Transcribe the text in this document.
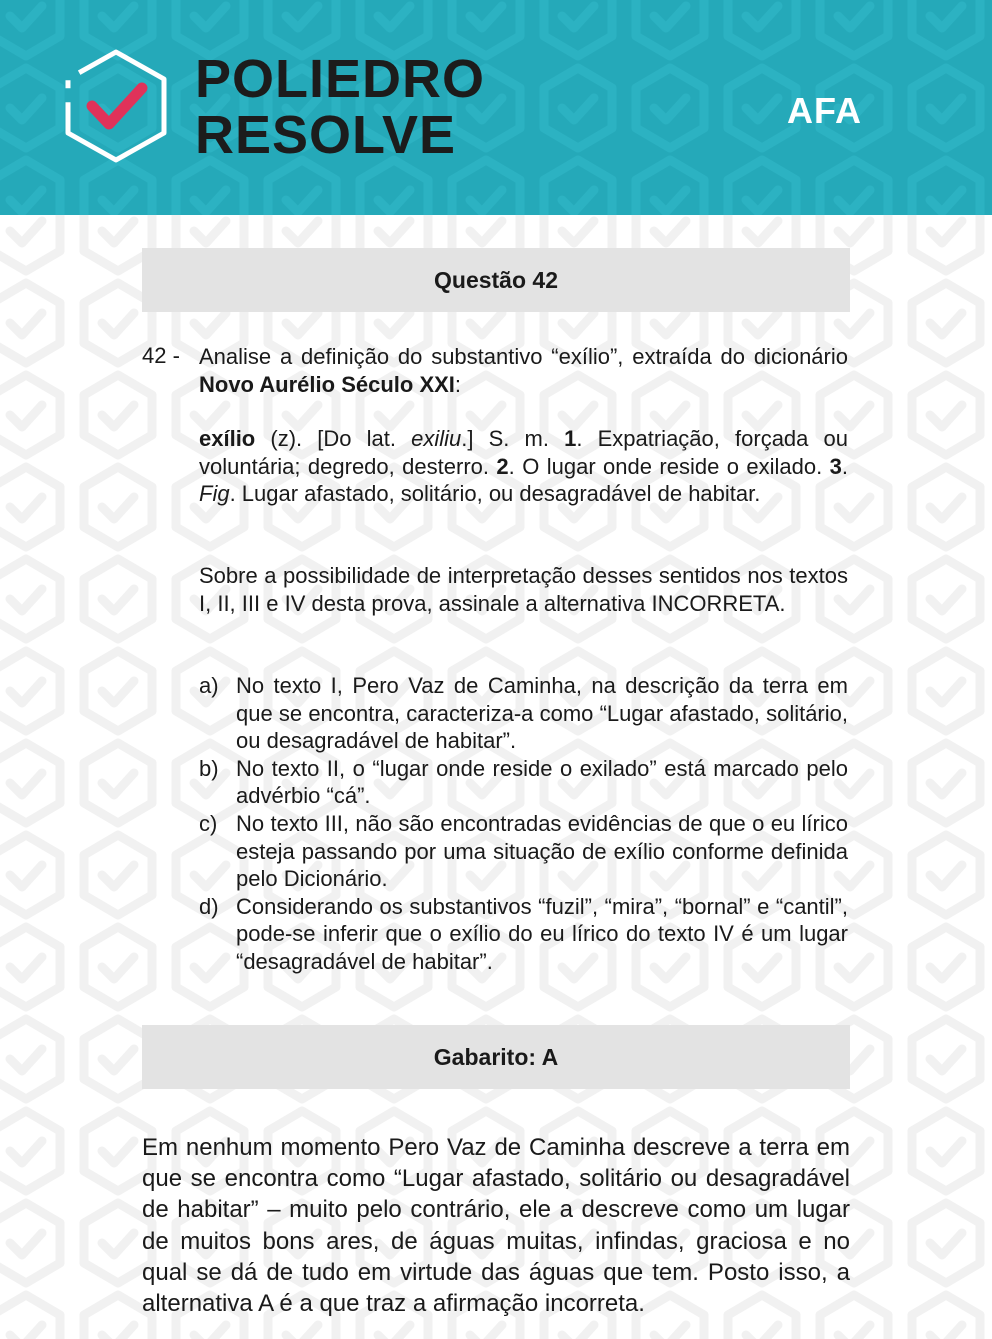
POLIEDRO
RESOLVE	AFA
Questão 42
42 - Analise a definição do substantivo “exílio”, extraída do dicionário Novo Aurélio Século XXI:
exílio (z). [Do lat. exiliu.] S. m. 1. Expatriação, forçada ou voluntária; degredo, desterro. 2. O lugar onde reside o exilado. 3. Fig. Lugar afastado, solitário, ou desagradável de habitar.
Sobre a possibilidade de interpretação desses sentidos nos textos I, II, III e IV desta prova, assinale a alternativa INCORRETA.
a) No texto I, Pero Vaz de Caminha, na descrição da terra em que se encontra, caracteriza-a como “Lugar afastado, solitário, ou desagradável de habitar”.
b) No texto II, o “lugar onde reside o exilado” está marcado pelo advérbio “cá”.
c) No texto III, não são encontradas evidências de que o eu lírico esteja passando por uma situação de exílio conforme definida pelo Dicionário.
d) Considerando os substantivos “fuzil”, “mira”, “bornal” e “cantil”, pode-se inferir que o exílio do eu lírico do texto IV é um lugar “desagradável de habitar”.
Gabarito: A
Em nenhum momento Pero Vaz de Caminha descreve a terra em que se encontra como “Lugar afastado, solitário ou desagradável de habitar” – muito pelo contrário, ele a descreve como um lugar de muitos bons ares, de águas muitas, infindas, graciosa e no qual se dá de tudo em virtude das águas que tem. Posto isso, a alternativa A é a que traz a afirmação incorreta.
